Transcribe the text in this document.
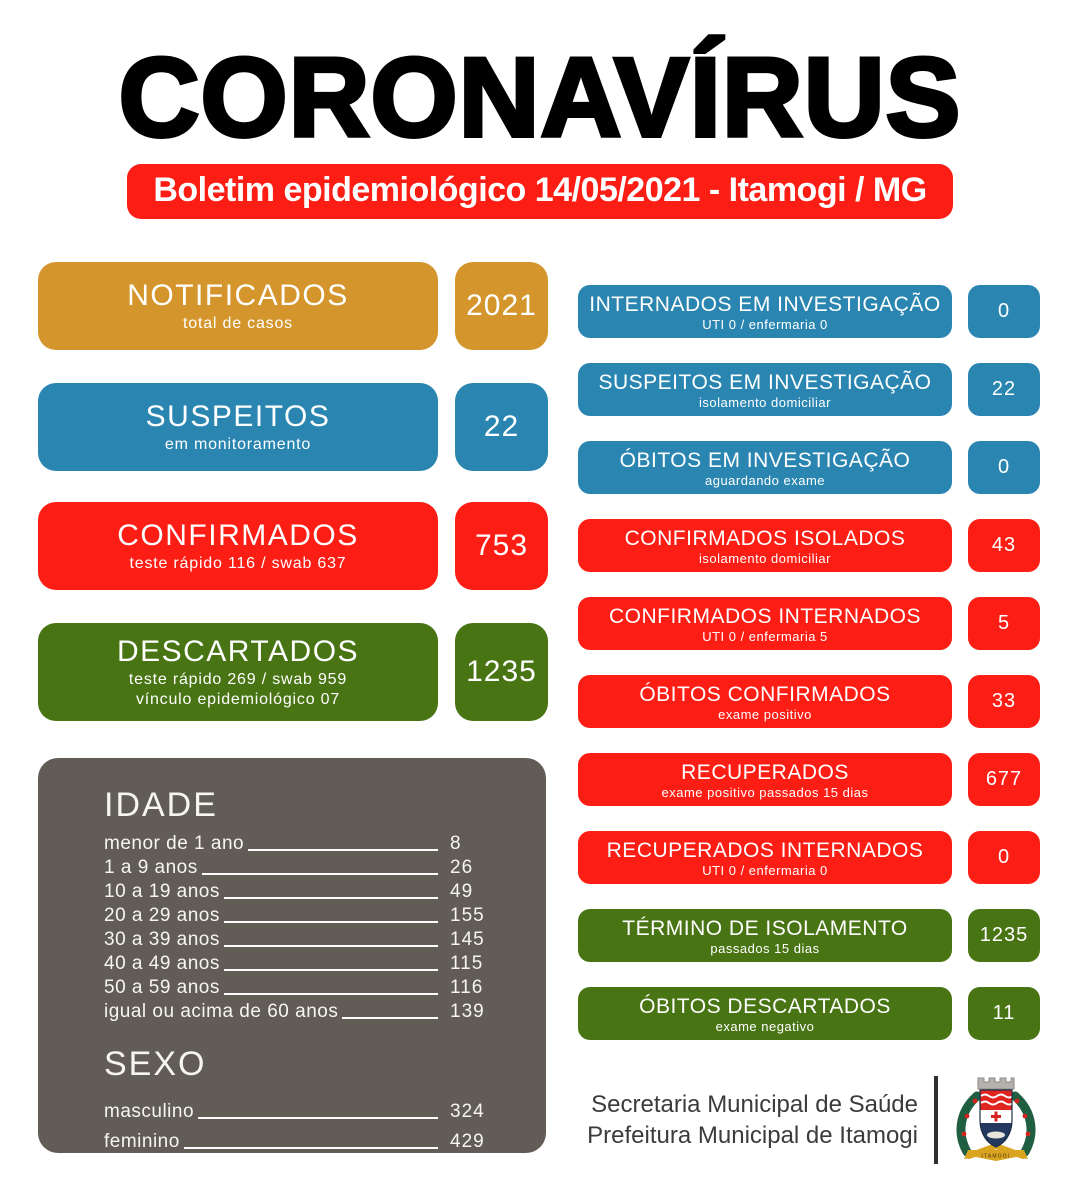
CORONAVÍRUS
Boletim epidemiológico 14/05/2021 - Itamogi / MG
NOTIFICADOS
total de casos
2021
SUSPEITOS
em monitoramento
22
CONFIRMADOS
teste rápido 116 / swab 637
753
DESCARTADOS
teste rápido 269 / swab 959
vínculo epidemiológico 07
1235
IDADE
menor de 1 ano	8
1 a 9 anos	26
10 a 19 anos	49
20 a 29 anos	155
30 a 39 anos	145
40 a 49 anos	115
50 a 59 anos	116
igual ou acima de 60 anos	139
SEXO
masculino	324
feminino	429
INTERNADOS EM INVESTIGAÇÃO
UTI 0 / enfermaria 0
0
SUSPEITOS EM INVESTIGAÇÃO
isolamento domiciliar
22
ÓBITOS EM INVESTIGAÇÃO
aguardando exame
0
CONFIRMADOS ISOLADOS
isolamento domiciliar
43
CONFIRMADOS INTERNADOS
UTI 0 / enfermaria 5
5
ÓBITOS CONFIRMADOS
exame positivo
33
RECUPERADOS
exame positivo passados 15 dias
677
RECUPERADOS INTERNADOS
UTI 0 / enfermaria 0
0
TÉRMINO DE ISOLAMENTO
passados 15 dias
1235
ÓBITOS DESCARTADOS
exame negativo
11
Secretaria Municipal de Saúde
Prefeitura Municipal de Itamogi
ITAMOGI
